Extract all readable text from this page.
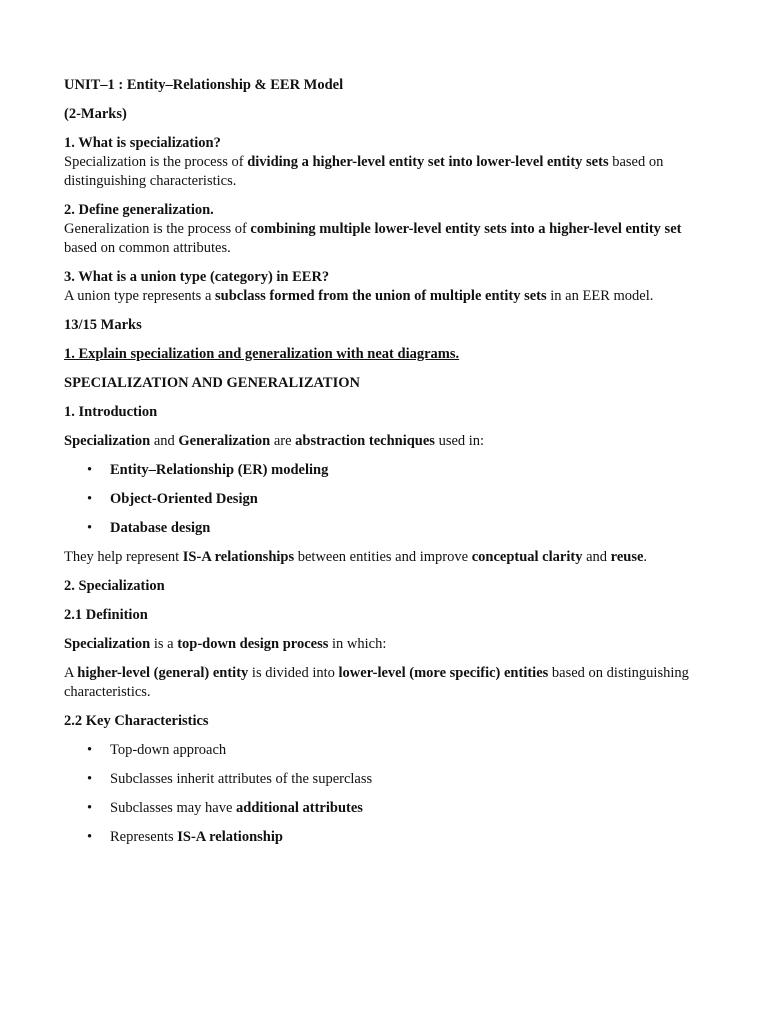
UNIT–1 : Entity–Relationship & EER Model
(2-Marks)
1. What is specialization?
Specialization is the process of dividing a higher-level entity set into lower-level entity sets based on distinguishing characteristics.
2. Define generalization.
Generalization is the process of combining multiple lower-level entity sets into a higher-level entity set based on common attributes.
3. What is a union type (category) in EER?
A union type represents a subclass formed from the union of multiple entity sets in an EER model.
13/15 Marks
1. Explain specialization and generalization with neat diagrams.
SPECIALIZATION AND GENERALIZATION
1. Introduction
Specialization and Generalization are abstraction techniques used in:
• Entity–Relationship (ER) modeling
• Object-Oriented Design
• Database design
They help represent IS-A relationships between entities and improve conceptual clarity and reuse.
2. Specialization
2.1 Definition
Specialization is a top-down design process in which:
A higher-level (general) entity is divided into lower-level (more specific) entities based on distinguishing characteristics.
2.2 Key Characteristics
• Top-down approach
• Subclasses inherit attributes of the superclass
• Subclasses may have additional attributes
• Represents IS-A relationship
